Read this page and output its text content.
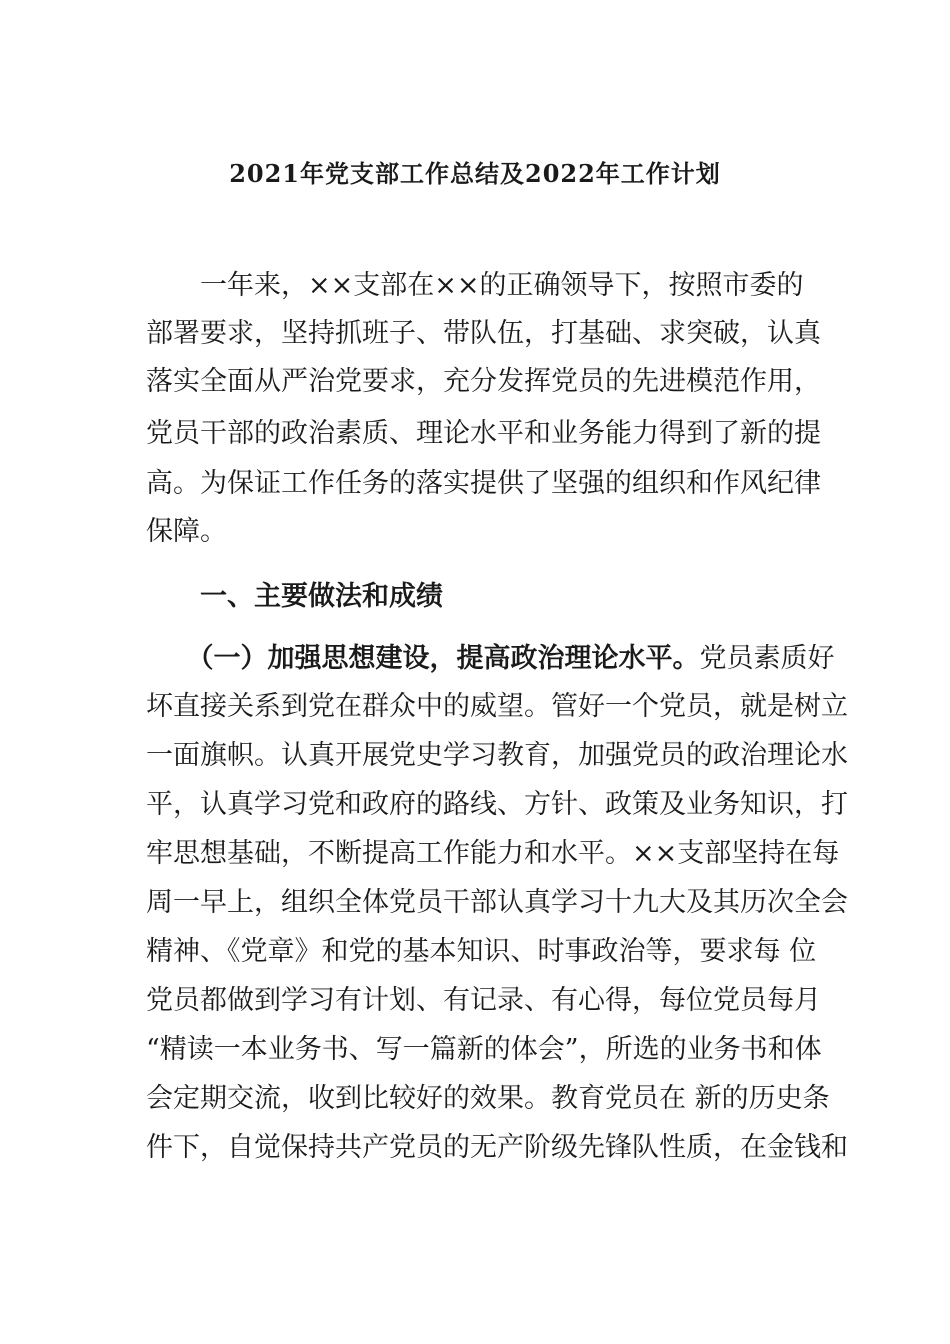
2021年党支部工作总结及2022年工作计划
　　一年来，××支部在××的正确领导下，按照市委的
部署要求，坚持抓班子、带队伍，打基础、求突破，认真
落实全面从严治党要求，充分发挥党员的先进模范作用，
党员干部的政治素质、理论水平和业务能力得到了新的提
高。为保证工作任务的落实提供了坚强的组织和作风纪律
保障。
　　一、主要做法和成绩
　　（一）加强思想建设，提高政治理论水平。党员素质好
坏直接关系到党在群众中的威望。管好一个党员，就是树立
一面旗帜。认真开展党史学习教育，加强党员的政治理论水
平，认真学习党和政府的路线、方针、政策及业务知识，打
牢思想基础，不断提高工作能力和水平。××支部坚持在每
周一早上，组织全体党员干部认真学习十九大及其历次全会
精神、《党章》和党的基本知识、时事政治等，要求每 位
党员都做到学习有计划、有记录、有心得，每位党员每月
“精读一本业务书、写一篇新的体会”，所选的业务书和体
会定期交流，收到比较好的效果。教育党员在 新的历史条
件下，自觉保持共产党员的无产阶级先锋队性质，在金钱和
